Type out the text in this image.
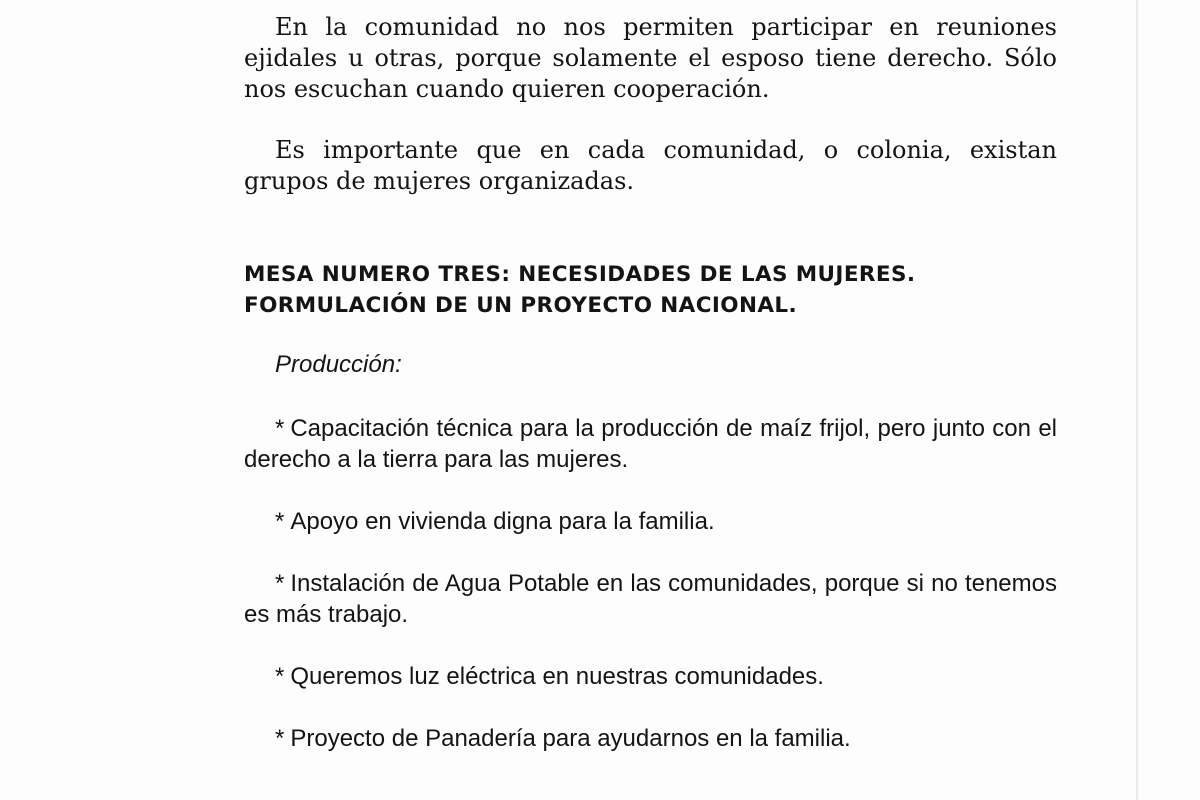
En la comunidad no nos permiten participar en reuniones ejidales u otras, porque solamente el esposo tiene derecho. Sólo nos escuchan cuando quieren cooperación.

Es importante que en cada comunidad, o colonia, existan grupos de mujeres organizadas.

MESA NUMERO TRES: NECESIDADES DE LAS MUJERES. FORMULACIÓN DE UN PROYECTO NACIONAL.
Producción:
* Capacitación técnica para la producción de maíz frijol, pero junto con el derecho a la tierra para las mujeres.
* Apoyo en vivienda digna para la familia.
* Instalación de Agua Potable en las comunidades, porque si no tenemos es más trabajo.
* Queremos luz eléctrica en nuestras comunidades.
* Proyecto de Panadería para ayudarnos en la familia.
